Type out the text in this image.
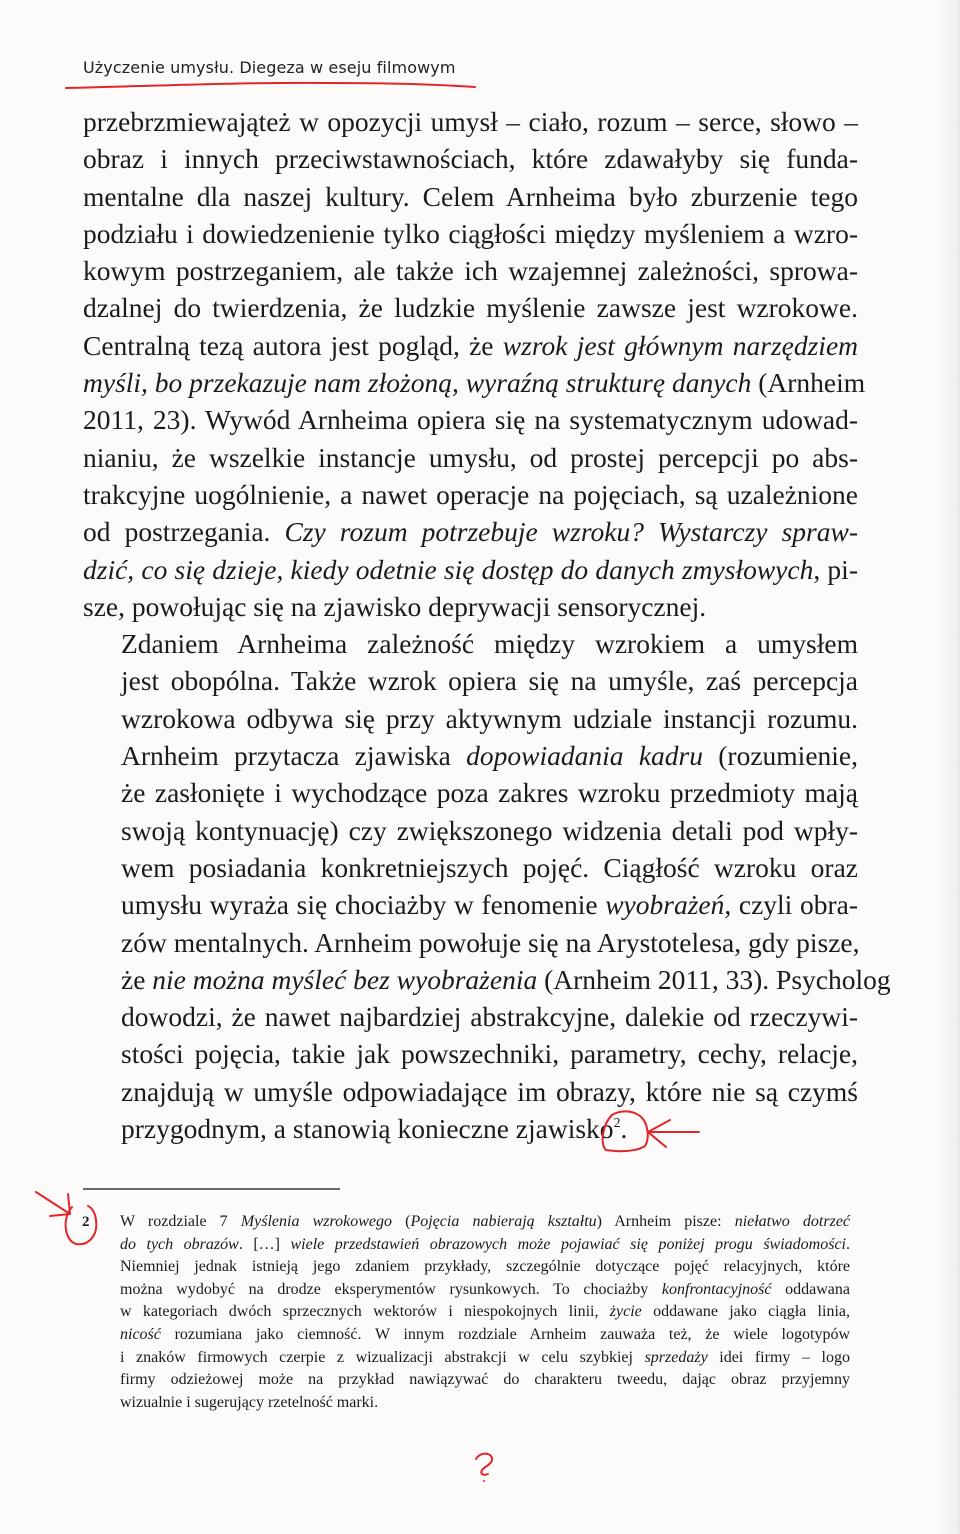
Użyczenie umysłu. Diegeza w eseju filmowym

przebrzmiewająteż w opozycji umysł – ciało, rozum – serce, słowo –
obraz i innych przeciwstawnościach, które zdawałyby się funda-
mentalne dla naszej kultury. Celem Arnheima było zburzenie tego
podziału i dowiedzenienie tylko ciągłości między myśleniem a wzro-
kowym postrzeganiem, ale także ich wzajemnej zależności, sprowa-
dzalnej do twierdzenia, że ludzkie myślenie zawsze jest wzrokowe.
Centralną tezą autora jest pogląd, że wzrok jest głównym narzędziem
myśli, bo przekazuje nam złożoną, wyraźną strukturę danych (Arnheim
2011, 23). Wywód Arnheima opiera się na systematycznym udowad-
nianiu, że wszelkie instancje umysłu, od prostej percepcji po abs-
trakcyjne uogólnienie, a nawet operacje na pojęciach, są uzależnione
od postrzegania. Czy rozum potrzebuje wzroku? Wystarczy spraw-
dzić, co się dzieje, kiedy odetnie się dostęp do danych zmysłowych, pi-
sze, powołując się na zjawisko deprywacji sensorycznej.

Zdaniem Arnheima zależność między wzrokiem a umysłem
jest obopólna. Także wzrok opiera się na umyśle, zaś percepcja
wzrokowa odbywa się przy aktywnym udziale instancji rozumu.
Arnheim przytacza zjawiska dopowiadania kadru (rozumienie,
że zasłonięte i wychodzące poza zakres wzroku przedmioty mają
swoją kontynuację) czy zwiększonego widzenia detali pod wpły-
wem posiadania konkretniejszych pojęć. Ciągłość wzroku oraz
umysłu wyraża się chociażby w fenomenie wyobrażeń, czyli obra-
zów mentalnych. Arnheim powołuje się na Arystotelesa, gdy pisze,
że nie można myśleć bez wyobrażenia (Arnheim 2011, 33). Psycholog
dowodzi, że nawet najbardziej abstrakcyjne, dalekie od rzeczywi-
stości pojęcia, takie jak powszechniki, parametry, cechy, relacje,
znajdują w umyśle odpowiadające im obrazy, które nie są czymś
przygodnym, a stanowią konieczne zjawisko$^2$.

2 W rozdziale 7 Myślenia wzrokowego (Pojęcia nabierają kształtu) Arnheim pisze: niełatwo dotrzeć
do tych obrazów. […] wiele przedstawień obrazowych może pojawiać się poniżej progu świadomości.
Niemniej jednak istnieją jego zdaniem przykłady, szczególnie dotyczące pojęć relacyjnych, które
można wydobyć na drodze eksperymentów rysunkowych. To chociażby konfrontacyjność oddawana
w kategoriach dwóch sprzecznych wektorów i niespokojnych linii, życie oddawane jako ciągła linia,
nicość rozumiana jako ciemność. W innym rozdziale Arnheim zauważa też, że wiele logotypów
i znaków firmowych czerpie z wizualizacji abstrakcji w celu szybkiej sprzedaży idei firmy – logo
firmy odzieżowej może na przykład nawiązywać do charakteru tweedu, dając obraz przyjemny
wizualnie i sugerujący rzetelność marki.
